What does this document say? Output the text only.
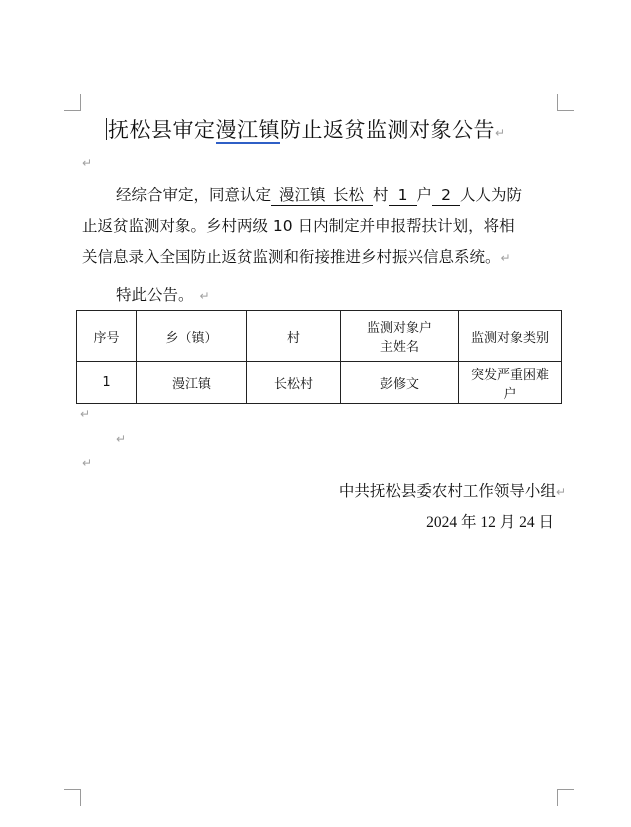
抚松县审定漫江镇防止返贫监测对象公告↵
↵
经综合审定，同意认定 漫江镇 长松 村 1 户 2 人人为防
止返贫监测对象。乡村两级 10 日内制定并申报帮扶计划，将相
关信息录入全国防止返贫监测和衔接推进乡村振兴信息系统。↵
特此公告。 ↵
序号	乡（镇）	村	监测对象户主姓名	监测对象类别
1	漫江镇	长松村	彭修文	突发严重困难户
↵
↵
↵
中共抚松县委农村工作领导小组↵
2024 年 12 月 24 日
